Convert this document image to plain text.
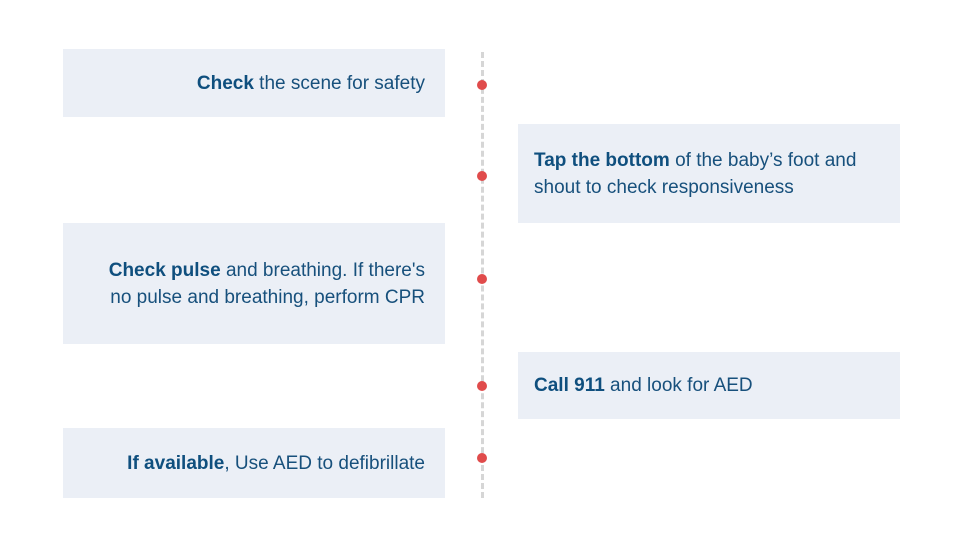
Check the scene for safety
Tap the bottom of the baby’s foot and shout to check responsiveness
Check pulse and breathing. If there's no pulse and breathing, perform CPR
Call 911 and look for AED
If available, Use AED to defibrillate
